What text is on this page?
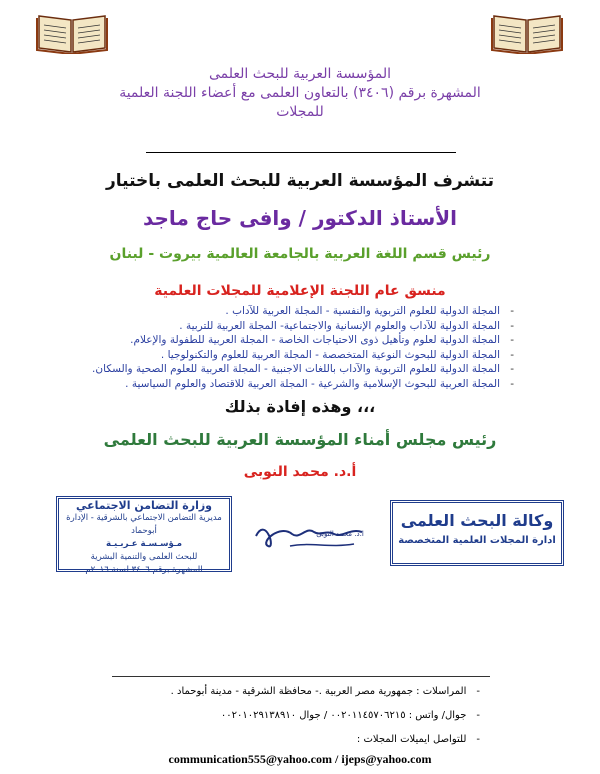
المؤسسة العربية للبحث العلمى
المشهرة برقم (٣٤٠٦) بالتعاون العلمى مع أعضاء اللجنة العلمية
للمجلات
تتشرف المؤسسة العربية للبحث العلمى باختيار
الأستاذ الدكتور / وافى حاج ماجد
رئيس قسم اللغة العربية بالجامعة العالمية بيروت - لبنان
منسق عام اللجنة الإعلامية للمجلات العلمية
-
المجلة الدولية للعلوم التربوية والنفسية - المجلة العربية للآداب .
-
المجلة الدولية للآداب والعلوم الإنسانية والاجتماعية- المجلة العربية للتربية .
-
المجلة الدولية لعلوم وتأهيل ذوى الاحتياجات الخاصة - المجلة العربية للطفولة والإعلام.
-
المجلة الدولية للبحوث النوعية المتخصصة - المجلة العربية للعلوم والتكنولوجيا .
-
المجلة الدولية للعلوم التربوية والآداب باللغات الاجنبية - المجلة العربية للعلوم الصحية والسكان.
-
المجلة العربية للبحوث الإسلامية والشرعية - المجلة العربية للاقتصاد والعلوم السياسية .
وهذه إفادة بذلك ،،،
رئيس مجلس أمناء المؤسسة العربية للبحث العلمى
أ.د. محمد النوبى
وزارة التضامن الاجتماعي
مديرية التضامن الاجتماعي بالشرقية - الإدارة أبوحماد
مـؤسـسـة عـربـيـة
للبحث العلمى والتنمية البشرية
المشهرة برقم ٣٤٠٦ لسنة ٢٠١٦م
ا.د. محمد النوبى
وكالة البحث العلمى
ادارة المجلات العلمية المتخصصة
-المراسلات : جمهورية مصر العربية .- محافظة الشرقية - مدينة أبوحماد .
-جوال/ واتس : ٠٠٢٠١١٤٥٧٠٦٢١٥ / جوال ٠٠٢٠١٠٢٩١٣٨٩١٠
-للتواصل ايميلات المجلات :
communication555@yahoo.com / ijeps@yahoo.com
